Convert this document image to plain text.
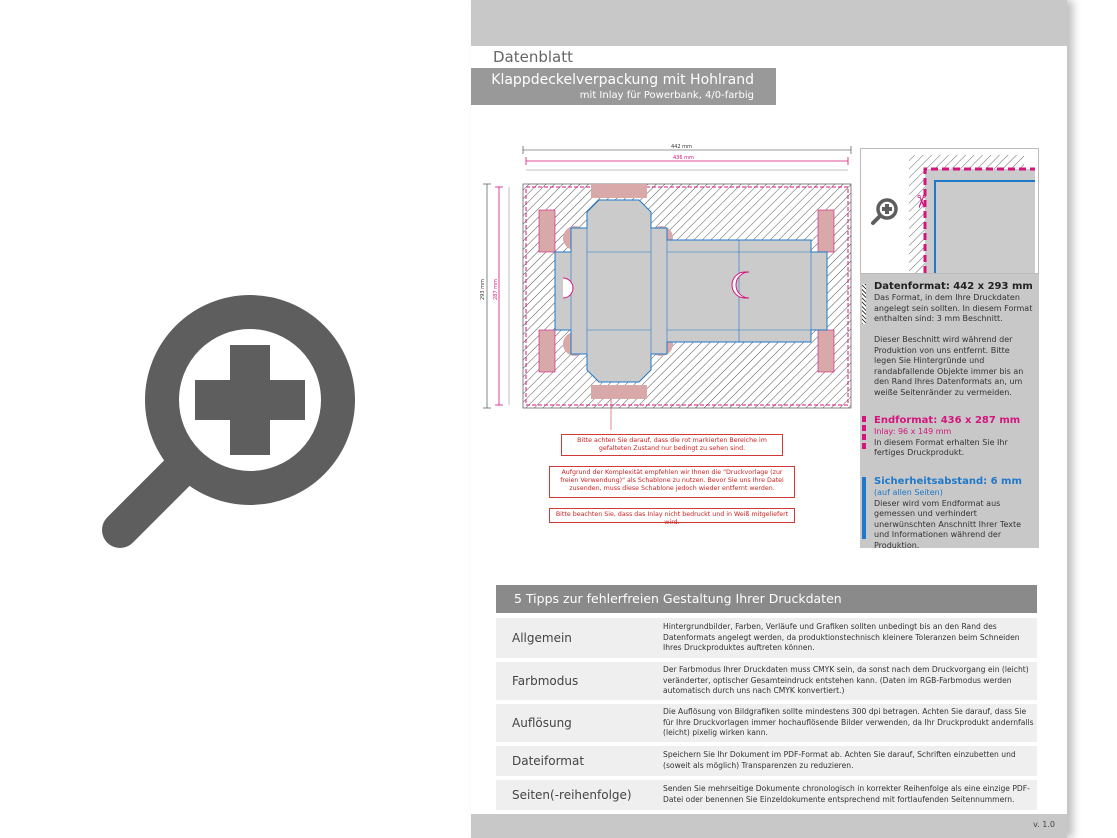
Datenblatt
Klappdeckelverpackung mit Hohlrand
mit Inlay für Powerbank, 4/0-farbig
442 mm
436 mm
293 mm 287 mm
Bitte achten Sie darauf, dass die rot markierten Bereiche im gefalteten Zustand nur bedingt zu sehen sind.
Aufgrund der Komplexität empfehlen wir Ihnen die "Druckvorlage (zur freien Verwendung)" als Schablone zu nutzen. Bevor Sie uns Ihre Datei zusenden, muss diese Schablone jedoch wieder entfernt werden.
Bitte beachten Sie, dass das Inlay nicht bedruckt und in Weiß mitgeliefert wird.
✂
Datenformat: 442 x 293 mm
Das Format, in dem Ihre Druckdaten angelegt sein sollten. In diesem Format enthalten sind: 3 mm Beschnitt.
Dieser Beschnitt wird während der Produktion von uns entfernt. Bitte legen Sie Hintergründe und randabfallende Objekte immer bis an den Rand Ihres Datenformats an, um weiße Seitenränder zu vermeiden.
Endformat: 436 x 287 mm
Inlay: 96 x 149 mm
In diesem Format erhalten Sie Ihr fertiges Druckprodukt.
Sicherheitsabstand: 6 mm
(auf allen Seiten)
Dieser wird vom Endformat aus gemessen und verhindert unerwünschten Anschnitt Ihrer Texte und Informationen während der Produktion.
5 Tipps zur fehlerfreien Gestaltung Ihrer Druckdaten
Allgemein
Hintergrundbilder, Farben, Verläufe und Grafiken sollten unbedingt bis an den Rand des Datenformats angelegt werden, da produktionstechnisch kleinere Toleranzen beim Schneiden Ihres Druckproduktes auftreten können.
Farbmodus
Der Farbmodus Ihrer Druckdaten muss CMYK sein, da sonst nach dem Druckvorgang ein (leicht) veränderter, optischer Gesamteindruck entstehen kann. (Daten im RGB-Farbmodus werden automatisch durch uns nach CMYK konvertiert.)
Auflösung
Die Auflösung von Bildgrafiken sollte mindestens 300 dpi betragen. Achten Sie darauf, dass Sie für Ihre Druckvorlagen immer hochauflösende Bilder verwenden, da Ihr Druckprodukt andernfalls (leicht) pixelig wirken kann.
Dateiformat	Speichern Sie Ihr Dokument im PDF-Format ab. Achten Sie darauf, Schriften einzubetten und (soweit als möglich) Transparenzen zu reduzieren.
Seiten(-reihenfolge)	Senden Sie mehrseitige Dokumente chronologisch in korrekter Reihenfolge als eine einzige PDF-Datei oder benennen Sie Einzeldokumente entsprechend mit fortlaufenden Seitennummern.
v. 1.0
